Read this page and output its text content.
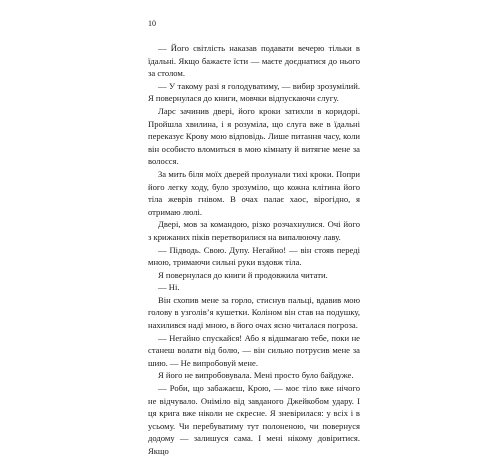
10

— Його світлість наказав подавати вечерю тільки в їдальні. Якщо бажаєте їсти — маєте доєднатися до нього за столом.

— У такому разі я голодуватиму, — вибир зрозумілий. Я повернулася до книги, мовчки відпускаючи слугу.

Ларс зачинив двері, його кроки затихли в коридорі. Пройшла хвилина, і я розуміла, що слуга вже в їдальні переказує Крову мою відповідь. Лише питання часу, коли він особисто вломиться в мою кімнату й витягне мене за волосся.

За мить біля моїх дверей пролунали тихі кроки. Попри його легку ходу, було зрозуміло, що кожна клітина його тіла жеврів гнівом. В очах палає хаос, вірогідно, я отримаю люлі.

Двері, мов за командою, різко розчахнулися. Очі його з крижаних піків перетворилися на випалюючу лаву.

— Підводь. Свою. Дупу. Негайно! — він стояв переді мною, тримаючи сильні руки вздовж тіла.

Я повернулася до книги й продовжила читати.

— Ні.

Він схопив мене за горло, стиснув пальці, вдавив мою голову в узголів’я кушетки. Коліном він став на подушку, нахилився наді мною, в його очах ясно читалася погроза.

— Негайно спускайся! Або я відшмагаю тебе, поки не станеш волати від болю, — він сильно потрусив мене за шию. — Не випробовуй мене.

Я його не випробовувала. Мені просто було байдуже.

— Роби, що забажаєш, Крою, — моє тіло вже нічого не відчувало. Оніміло від завданого Джейкобом удару. І ця крига вже ніколи не скресне. Я зневірилася: у всіх і в усьому. Чи перебуватиму тут полоненою, чи повернуся додому — залишуся сама. І мені нікому довіритися. Якщо
